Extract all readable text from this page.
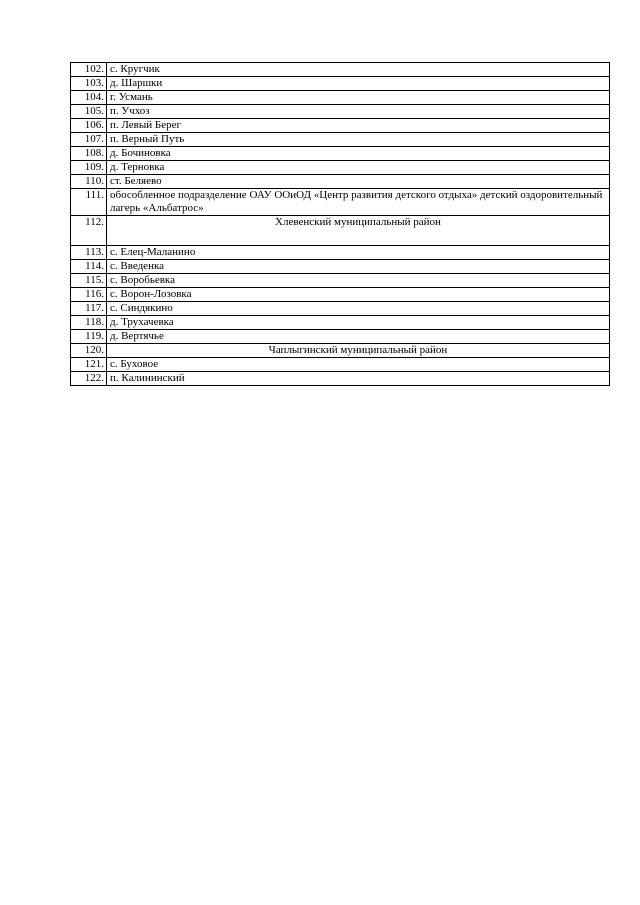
102.	с. Кругчик
103.	д. Шаршки
104.	г. Усмань
105.	п. Учхоз
106.	п. Левый Берег
107.	п. Верный Путь
108.	д. Бочиновка
109.	д. Терновка
110.	ст. Беляево
111.	обособленное подразделение ОАУ ООиОД «Центр развития детского отдыха» детский оздоровительный лагерь «Альбатрос»
112.	Хлевенский муниципальный район
113.	с. Елец-Маланино
114.	с. Введенка
115.	с. Воробьевка
116.	с. Ворон-Лозовка
117.	с. Синдякино
118.	д. Трухачевка
119.	д. Вертячье
120.	Чаплыгинский муниципальный район
121.	с. Буховое
122.	п. Калининский
